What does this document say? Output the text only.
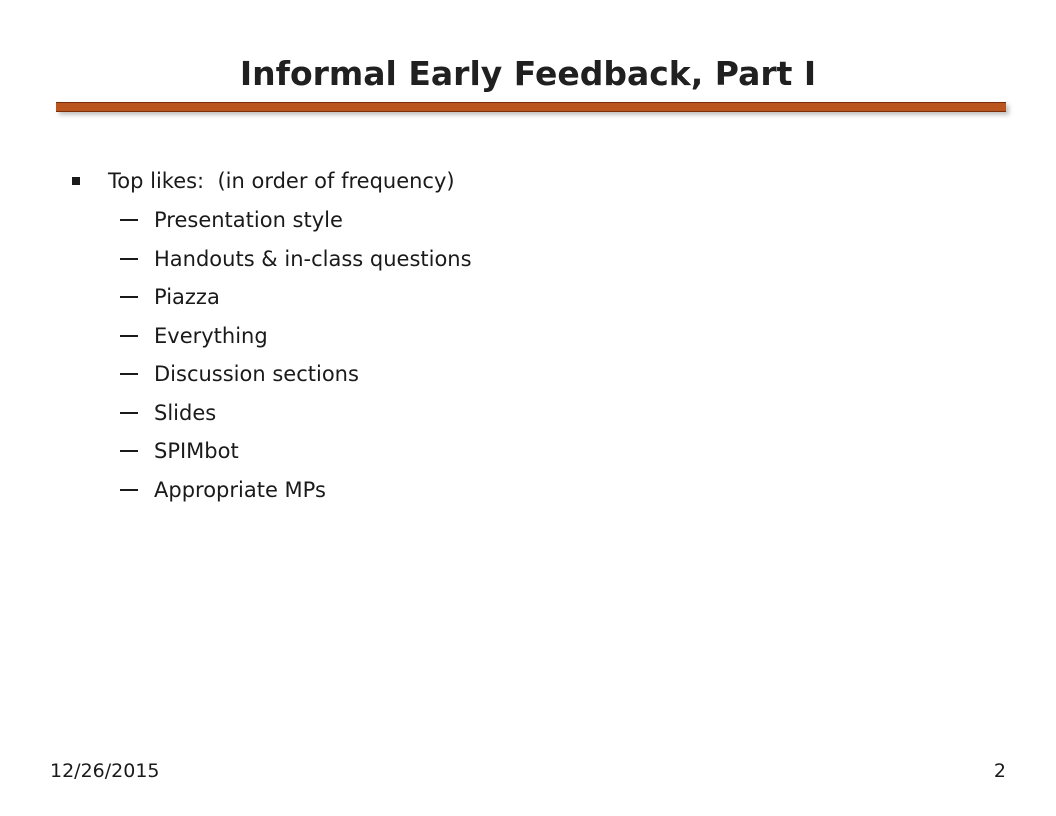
Informal Early Feedback, Part I
Top likes:  (in order of frequency)
Presentation style
Handouts & in-class questions
Piazza
Everything
Discussion sections
Slides
SPIMbot
Appropriate MPs
12/26/2015	2
